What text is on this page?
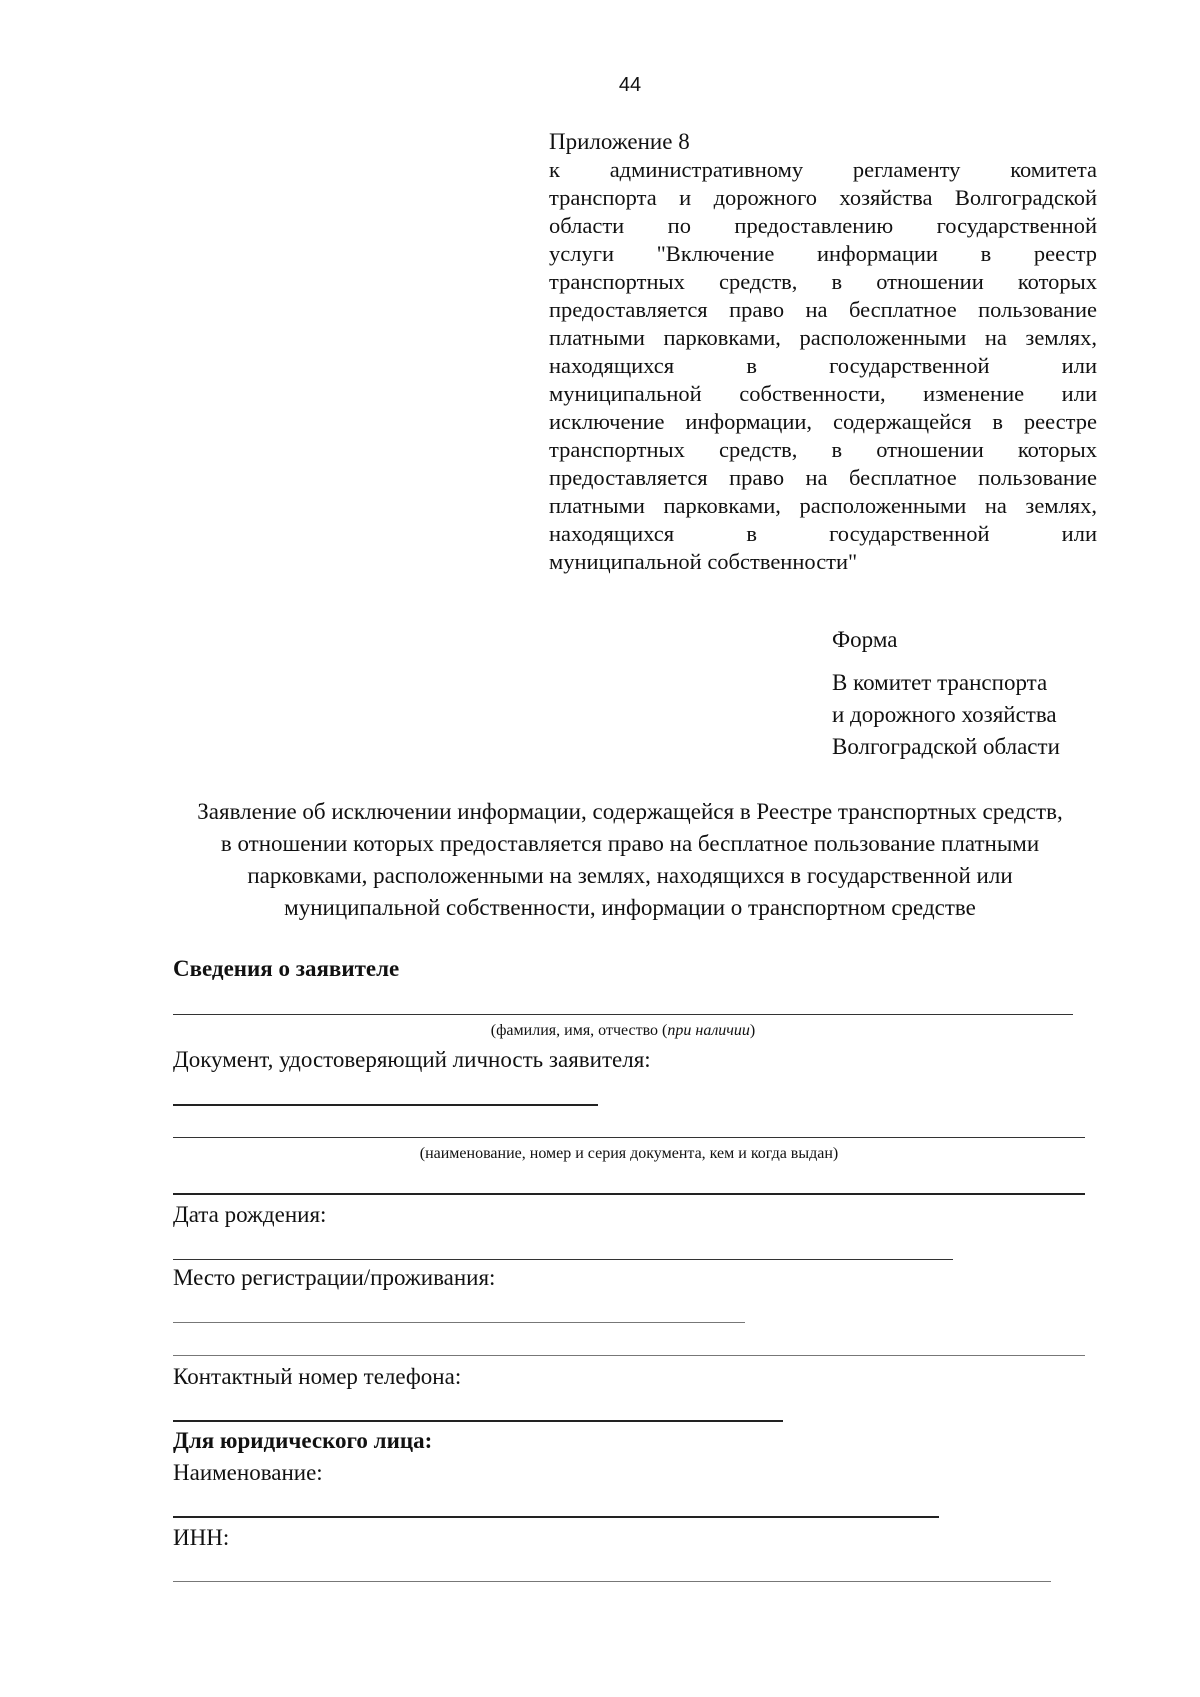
44
Приложение 8
к административному регламенту комитета
транспорта и дорожного хозяйства Волгоградской
области по предоставлению государственной
услуги "Включение информации в реестр
транспортных средств, в отношении которых
предоставляется право на бесплатное пользование
платными парковками, расположенными на землях,
находящихся в государственной или
муниципальной собственности, изменение или
исключение информации, содержащейся в реестре
транспортных средств, в отношении которых
предоставляется право на бесплатное пользование
платными парковками, расположенными на землях,
находящихся в государственной или
муниципальной собственности"
Форма
В комитет транспорта
и дорожного хозяйства
Волгоградской области
Заявление об исключении информации, содержащейся в Реестре транспортных средств,
в отношении которых предоставляется право на бесплатное пользование платными
парковками, расположенными на землях, находящихся в государственной или
муниципальной собственности, информации о транспортном средстве
Сведения о заявителе
(фамилия, имя, отчество (при наличии)
Документ, удостоверяющий личность заявителя:
(наименование, номер и серия документа, кем и когда выдан)
Дата рождения:
Место регистрации/проживания:
Контактный номер телефона:
Для юридического лица:
Наименование:
ИНН:
